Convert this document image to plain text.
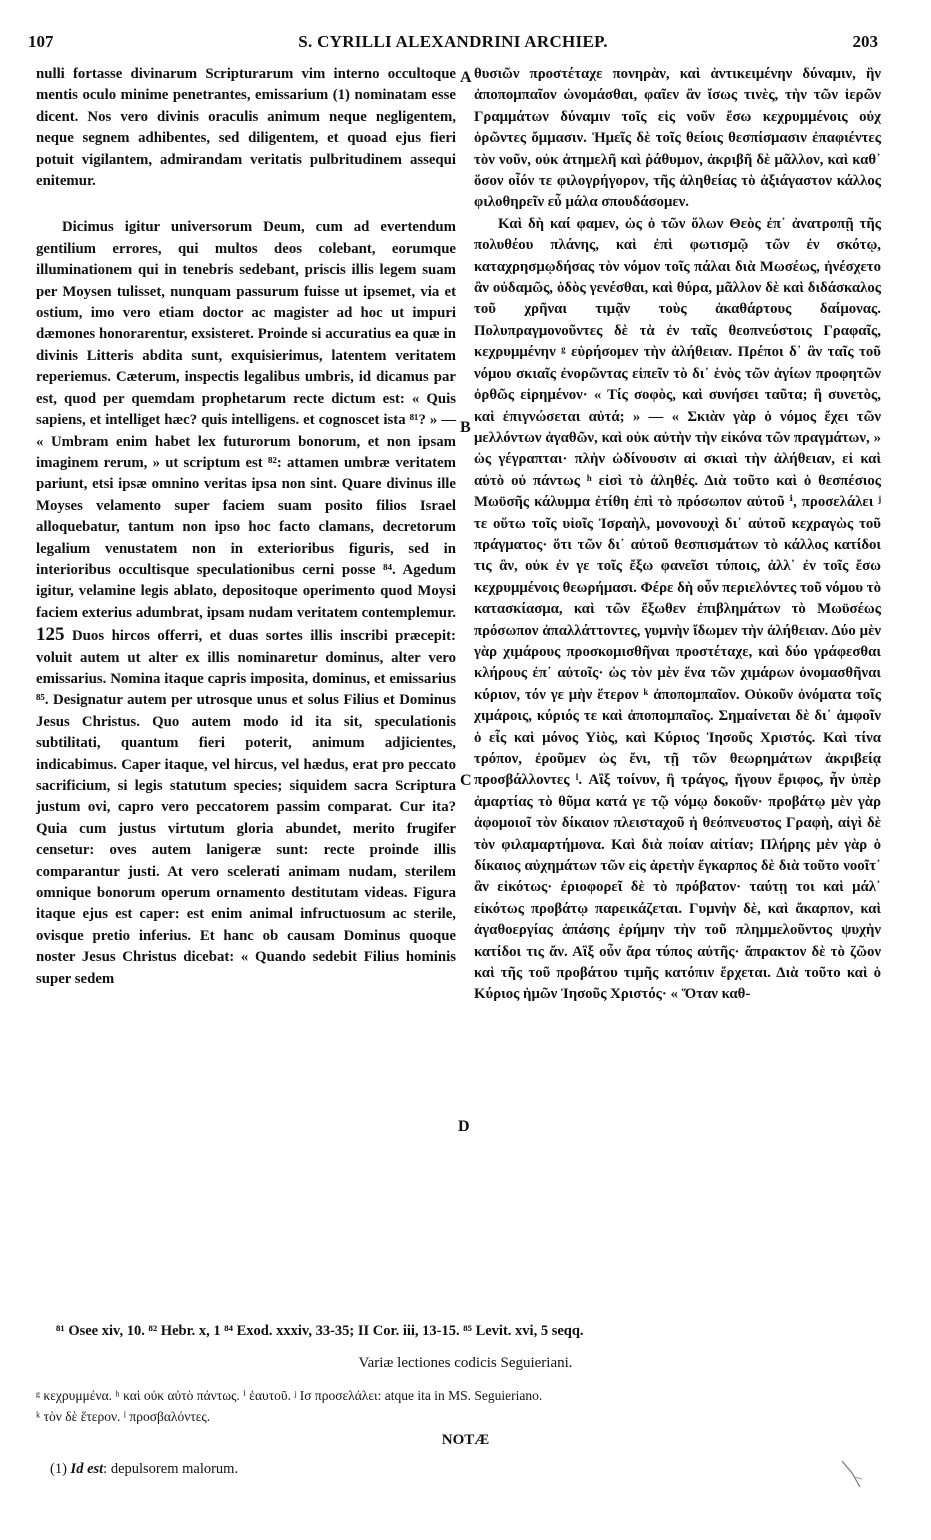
107	S. CYRILLI ALEXANDRINI ARCHIEP.	203

nulli fortasse divinarum Scripturarum vim interno occultoque mentis oculo minime penetrantes, emissarium (1) nominatam esse dicent. Nos vero divinis oraculis animum neque negligentem, neque segnem adhibentes, sed diligentem, et quoad ejus fieri potuit vigilantem, admirandam veritatis pulbritudinem assequi enitemur.

Dicimus igitur universorum Deum, cum ad evertendum gentilium errores, qui multos deos colebant, eorumque illuminationem qui in tenebris sedebant, priscis illis legem suam per Moysen tulisset, nunquam passurum fuisse ut ipsemet, via et ostium, imo vero etiam doctor ac magister ad hoc ut impuri dæmones honorarentur, exsisteret. Proinde si accuratius ea quæ in divinis Litteris abdita sunt, exquisierimus, latentem veritatem reperiemus. Cæterum, inspectis legalibus umbris, id dicamus par est, quod per quemdam prophetarum recte dictum est: « Quis sapiens, et intelliget hæc? quis intelligens. et cognoscet ista ⁸¹? » — « Umbram enim habet lex futurorum bonorum, et non ipsam imaginem rerum, » ut scriptum est ⁸²: attamen umbræ veritatem pariunt, etsi ipsæ omnino veritas ipsa non sint. Quare divinus ille Moyses velamento super faciem suam posito filios Israel alloquebatur, tantum non ipso hoc facto clamans, decretorum legalium venustatem non in exterioribus figuris, sed in interioribus occultisque speculationibus cerni posse ⁸⁴. Agedum igitur, velamine legis ablato, depositoque operimento quod Moysi faciem exterius adumbrat, ipsam nudam veritatem contemplemur. 125 Duos hircos offerri, et duas sortes illis inscribi præcepit: voluit autem ut alter ex illis nominaretur dominus, alter vero emissarius. Nomina itaque capris imposita, dominus, et emissarius ⁸⁵. Designatur autem per utrosque unus et solus Filius et Dominus Jesus Christus. Quo autem modo id ita sit, speculationis subtilitati, quantum fieri poterit, animum adjicientes, indicabimus. Caper itaque, vel hircus, vel hædus, erat pro peccato sacrificium, si legis statutum species; siquidem sacra Scriptura justum ovi, capro vero peccatorem passim comparat. Cur ita? Quia cum justus virtutum gloria abundet, merito frugifer censetur: oves autem lanigeræ sunt: recte proinde illis comparantur justi. At vero scelerati animam nudam, sterilem omnique bonorum operum ornamento destitutam videas. Figura itaque ejus est caper: est enim animal infructuosum ac sterile, ovisque pretio inferius. Et hanc ob causam Dominus quoque noster Jesus Christus dicebat: « Quando sedebit Filius hominis super sedem

A
B
C
D

θυσιῶν προστέταχε πονηρὰν, καὶ ἀντικειμένην δύναμιν, ἣν ἀποπομπαῖον ὠνομάσθαι, φαῖεν ἂν ἴσως τινὲς, τὴν τῶν ἱερῶν Γραμμάτων δύναμιν τοῖς εἰς νοῦν ἔσω κεχρυμμένοις οὐχ ὁρῶντες ὄμμασιν. Ἡμεῖς δὲ τοῖς θείοις θεσπίσμασιν ἐπαφιέντες τὸν νοῦν, οὐκ ἀτημελῆ καὶ ῥάθυμον, ἀκριβῆ δὲ μᾶλλον, καὶ καθ᾽ ὅσον οἷόν τε φιλογρήγορον, τῆς ἀληθείας τὸ ἀξιάγαστον κάλλος φιλοθηρεῖν εὖ μάλα σπουδάσομεν.

Καὶ δὴ καί φαμεν, ὡς ὁ τῶν ὅλων Θεὸς ἐπ᾽ ἀνατροπῇ τῆς πολυθέου πλάνης, καὶ ἐπὶ φωτισμῷ τῶν ἐν σκότῳ, καταχρησμῳδήσας τὸν νόμον τοῖς πάλαι διὰ Μωσέως, ἠνέσχετο ἂν οὐδαμῶς, ὁδὸς γενέσθαι, καὶ θύρα, μᾶλλον δὲ καὶ διδάσκαλος τοῦ χρῆναι τιμᾷν τοὺς ἀκαθάρτους δαίμονας. Πολυπραγμονοῦντες δὲ τὰ ἐν ταῖς θεοπνεύστοις Γραφαῖς, κεχρυμμένην ᵍ εὑρήσομεν τὴν ἀλήθειαν. Πρέποι δ᾽ ἂν ταῖς τοῦ νόμου σκιαῖς ἐνορῶντας εἰπεῖν τὸ δι᾽ ἑνὸς τῶν ἁγίων προφητῶν ὀρθῶς εἰρημένον· « Τίς σοφὸς, καὶ συνήσει ταῦτα; ἢ συνετὸς, καὶ ἐπιγνώσεται αὐτά; » — « Σκιὰν γὰρ ὁ νόμος ἔχει τῶν μελλόντων ἀγαθῶν, καὶ οὐκ αὐτὴν τὴν εἰκόνα τῶν πραγμάτων, » ὡς γέγραπται· πλὴν ὠδίνουσιν αἱ σκιαὶ τὴν ἀλήθειαν, εἰ καὶ αὐτὸ οὐ πάντως ʰ εἰσὶ τὸ ἀληθές. Διὰ τοῦτο καὶ ὁ θεσπέσιος Μωϋσῆς κάλυμμα ἐτίθη ἐπὶ τὸ πρόσωπον αὐτοῦ ⁱ, προσελάλει ʲ τε οὕτω τοῖς υἱοῖς Ἰσραὴλ, μονονουχὶ δι᾽ αὐτοῦ κεχραγὼς τοῦ πράγματος· ὅτι τῶν δι᾽ αὐτοῦ θεσπισμάτων τὸ κάλλος κατίδοι τις ἂν, οὐκ ἐν γε τοῖς ἔξω φανεῖσι τύποις, ἀλλ᾽ ἐν τοῖς ἔσω κεχρυμμένοις θεωρήμασι. Φέρε δὴ οὖν περιελόντες τοῦ νόμου τὸ κατασκίασμα, καὶ τῶν ἔξωθεν ἐπιβλημάτων τὸ Μωϋσέως πρόσωπον ἀπαλλάττοντες, γυμνὴν ἴδωμεν τὴν ἀλήθειαν. Δύο μὲν γὰρ χιμάρους προσκομισθῆναι προστέταχε, καὶ δύο γράφεσθαι κλήρους ἐπ᾽ αὐτοῖς· ὡς τὸν μὲν ἕνα τῶν χιμάρων ὀνομασθῆναι κύριον, τόν γε μὴν ἕτερον ᵏ ἀποπομπαῖον. Οὐκοῦν ὀνόματα τοῖς χιμάροις, κύριός τε καὶ ἀποπομπαῖος. Σημαίνεται δὲ δι᾽ ἀμφοῖν ὁ εἷς καὶ μόνος Υἱὸς, καὶ Κύριος Ἰησοῦς Χριστός. Καὶ τίνα τρόπον, ἐροῦμεν ὡς ἔνι, τῇ τῶν θεωρημάτων ἀκριβείᾳ προσβάλλοντες ˡ. Αἲξ τοίνυν, ἢ τράγος, ἤγουν ἔριφος, ἦν ὑπὲρ ἁμαρτίας τὸ θῦμα κατά γε τῷ νόμῳ δοκοῦν· προβάτῳ μὲν γὰρ ἀφομοιοῖ τὸν δίκαιον πλεισταχοῦ ἡ θεόπνευστος Γραφὴ, αἰγὶ δὲ τὸν φιλαμαρτήμονα. Καὶ διὰ ποίαν αἰτίαν; Πλήρης μὲν γὰρ ὁ δίκαιος αὐχημάτων τῶν εἰς ἀρετὴν ἔγκαρπος δὲ διὰ τοῦτο νοοῖτ᾽ ἂν εἰκότως· ἐριοφορεῖ δὲ τὸ πρόβατον· ταύτῃ τοι καὶ μάλ᾽ εἰκότως προβάτῳ παρεικάζεται. Γυμνὴν δὲ, καὶ ἄκαρπον, καὶ ἀγαθοεργίας ἁπάσης ἐρήμην τὴν τοῦ πλημμελοῦντος ψυχὴν κατίδοι τις ἄν. Αἲξ οὖν ἄρα τύπος αὐτῆς· ἄπρακτον δὲ τὸ ζῶον καὶ τῆς τοῦ προβάτου τιμῆς κατόπιν ἔρχεται. Διὰ τοῦτο καὶ ὁ Κύριος ἡμῶν Ἰησοῦς Χριστός· « Ὅταν καθ-

⁸¹ Osee xiv, 10. ⁸² Hebr. x, 1 ⁸⁴ Exod. xxxiv, 33-35; II Cor. iii, 13-15. ⁸⁵ Levit. xvi, 5 seqq.
Variæ lectiones codicis Seguieriani.
ᵍ κεχρυμμένα. ʰ καὶ οὐκ αὐτὸ πάντως. ⁱ ἑαυτοῦ. ʲ Ισ προσελάλει: atque ita in MS. Seguieriano.
ᵏ τὸν δὲ ἕτερον. ˡ προσβαλόντες.
NOTÆ
(1) Id est: depulsorem malorum.
